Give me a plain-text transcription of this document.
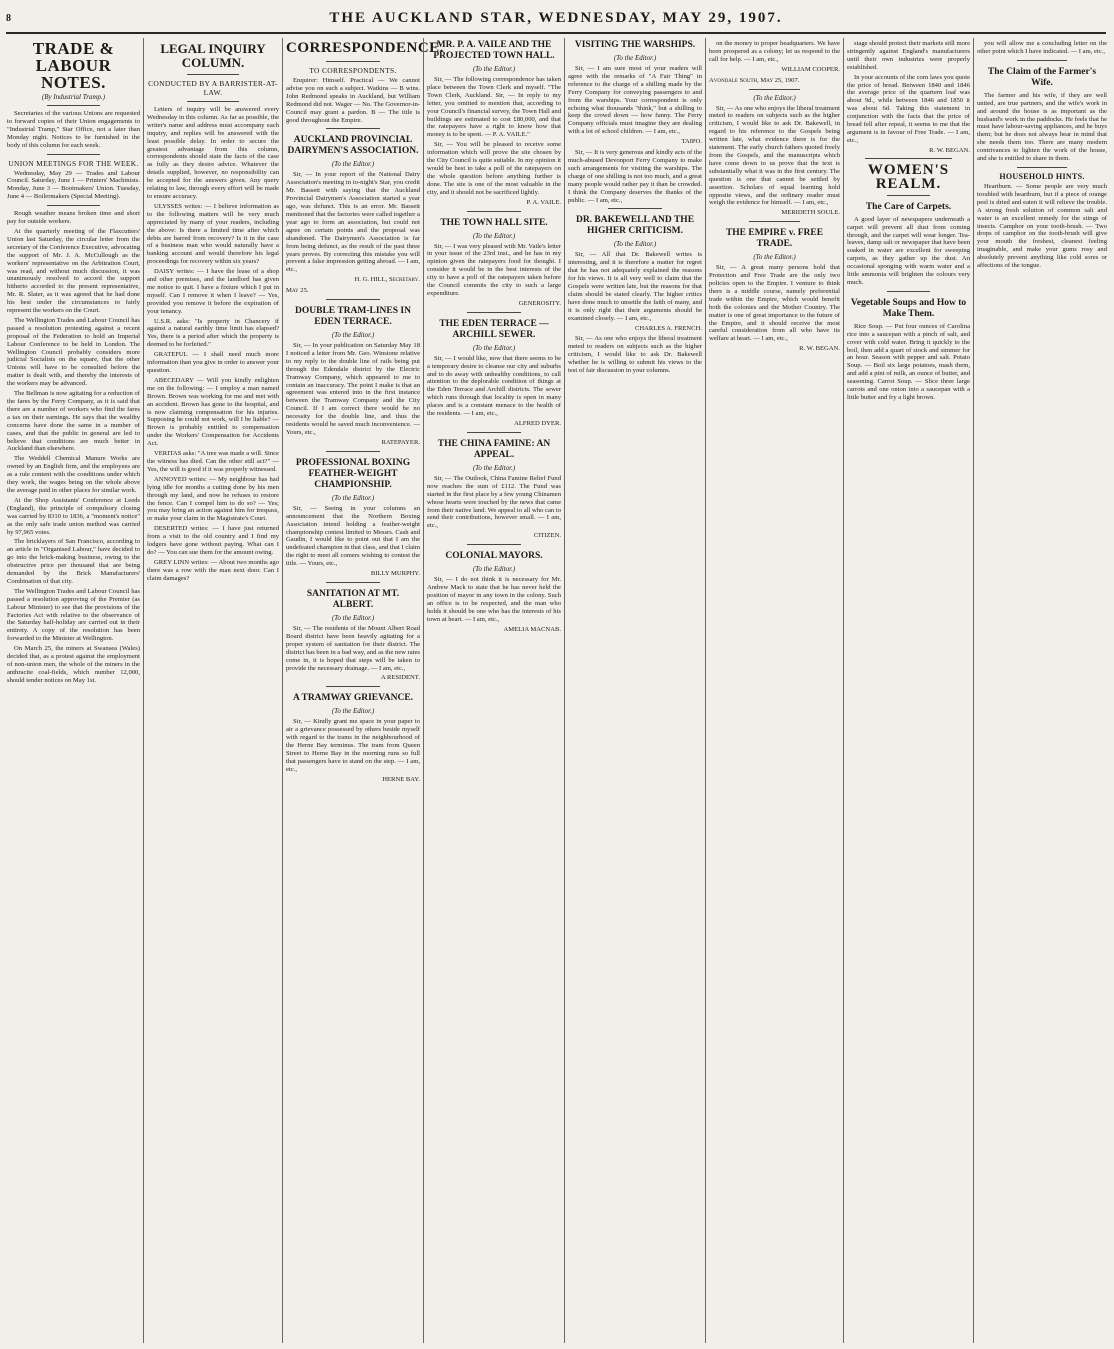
8	THE AUCKLAND STAR, WEDNESDAY, MAY 29, 1907.
TRADE & LABOUR NOTES.
(By Industrial Tramp.)

Secretaries of the various Unions are requested to forward copies of their Union engagements to "Industrial Tramp," Star Office, not a later than Monday night. Notices to be furnished in the body of this column for each week.

UNION MEETINGS FOR THE WEEK.

Wednesday, May 29 — Trades and Labour Council. Saturday, June 1 — Printers' Machinists. Monday, June 3 — Bootmakers' Union. Tuesday, June 4 — Boilermakers (Special Meeting).

Rough weather means broken time and short pay for outside workers.

At the quarterly meeting of the Flaxcutters' Union last Saturday, the circular letter from the secretary of the Conference Executive, advocating the support of Mr. J. A. McCullough as the workers' representative on the Arbitration Court, was read, and without much discussion, it was unanimously resolved to accord the support hitherto accorded to the present representative, Mr. R. Slater, as it was agreed that he had done his best under the circumstances to fairly represent the workers on the Court.

The Wellington Trades and Labour Council has passed a resolution protesting against a recent proposal of the Federation to hold an Imperial Labour Conference to be held in London. The Wellington Council probably considers more judicial Socialists on the square, that the other Unions will have to be consulted before the matter is dealt with, and thereby the interests of the workers may be advanced.

The Bellman is now agitating for a reduction of the fares by the Ferry Company, as it is said that there are a number of workers who find the fares a tax on their earnings. He says that the wealthy concerns have done the same in a number of cases, and that the public in general are led to believe that conditions are much better in Auckland than elsewhere.

The Weddell Chemical Manure Works are owned by an English firm, and the employees are as a rule content with the conditions under which they work, the wages being on the whole above the average paid in other places for similar work.

At the Shop Assistants' Conference at Leeds (England), the principle of compulsory closing was carried by 8310 to 1836, a "moment's notice" as the only safe trade union method was carried by 97,965 votes.

The bricklayers of San Francisco, according to an article in "Organised Labour," have decided to go into the brick-making business, owing to the obstructive price per thousand that are being demanded by the Brick Manufacturers' Combination of that city.

The Wellington Trades and Labour Council has passed a resolution approving of the Premier (as Labour Minister) to see that the provisions of the Factories Act with relative to the observance of the Saturday half-holiday are carried out in their entirety. A copy of the resolution has been forwarded to the Minister at Wellington.

On March 25, the miners at Swansea (Wales) decided that, as a protest against the employment of non-union men, the whole of the miners in the anthracite coal-fields, which number 12,000, should tender notices on May 1st.

LEGAL INQUIRY COLUMN.
CONDUCTED BY A BARRISTER-AT-LAW.

Letters of inquiry will be answered every Wednesday in this column. As far as possible, the writer's name and address must accompany each inquiry, and replies will be answered with the least possible delay. In order to secure the greatest advantage from this column, correspondents should state the facts of the case as fully as they desire advice. Whatever the details supplied, however, no responsibility can be accepted for the answers given. Any query relating to law, through every effort will be made to ensure accuracy.

ULYSSES writes: — I believe information as to the following matters will be very much appreciated by many of your readers, including the above: Is there a limited time after which debts are barred from recovery? Is it in the case of a business man who would naturally have a banking account and would therefore his legal proceedings for recovery within six years?

DAISY writes: — I have the lease of a shop and other premises, and the landlord has given me notice to quit. I have a fixture which I put in myself. Can I remove it when I leave? — Yes, provided you remove it before the expiration of your tenancy.

U.S.R. asks: "Is property in Chancery if against a natural earthly time limit has elapsed? Yes, there is a period after which the property is deemed to be forfeited."

GRATEFUL — I shall need much more information than you give in order to answer your question.

ABECEDARY — Will you kindly enlighten me on the following: — I employ a man named Brown. Brown was working for me and met with an accident. Brown has gone to the hospital, and is now claiming compensation for his injuries. Supposing he could not work, will I be liable? — Brown is probably entitled to compensation under the Workers' Compensation for Accidents Act.

VERITAS asks: "A tree was made a will. Since the witness has died. Can the other still act?" — Yes, the will is good if it was properly witnessed.

ANNOYED writes: — My neighbour has had lying idle for months a cutting done by his men through my land, and now he refuses to restore the fence. Can I compel him to do so? — Yes; you may bring an action against him for trespass, or make your claim in the Magistrate's Court.

DESERTED writes: — I have just returned from a visit to the old country and I find my lodgers have gone without paying. What can I do? — You can sue them for the amount owing.

GREY LINN writes: — About two months ago there was a row with the man next door. Can I claim damages?

CORRESPONDENCE.
TO CORRESPONDENTS.

Enquirer: Himself. Practical — We cannot advise you on such a subject. Watkins — B wins. John Redmond speaks in Auckland, but William Redmond did not. Wager — No. The Governor-in-Council may grant a pardon. B — The title is good throughout the Empire.

AUCKLAND PROVINCIAL DAIRYMEN'S ASSOCIATION.
(To the Editor.)

Sir, — In your report of the National Dairy Association's meeting in to-night's Star, you credit Mr. Bassett with saying that the Auckland Provincial Dairymen's Association started a year ago, was defunct. This is an error. Mr. Bassett mentioned that the factories were called together a year ago to form an association, but could not agree on certain points and the proposal was abandoned. The Dairymen's Association is far from being defunct, as the result of the past three years proves. By correcting this mistake you will prevent a false impression getting abroad. — I am, etc.,

H. G. HILL, Secretary.

May 25.

DOUBLE TRAM-LINES IN EDEN TERRACE.
(To the Editor.)

Sir, — In your publication on Saturday May 18 I noticed a letter from Mr. Geo. Winstone relative to my reply to the double line of rails being put through the Edendale district by the Electric Tramway Company, which appeared to me to contain an inaccuracy. The point I make is that an agreement was entered into in the first instance between the Tramway Company and the City Council. If I am correct there would be no necessity for the double line, and thus the residents would be saved much inconvenience. — Yours, etc.,

RATEPAYER.

PROFESSIONAL BOXING FEATHER-WEIGHT CHAMPIONSHIP.
(To the Editor.)

Sir, — Seeing in your columns an announcement that the Northern Boxing Association intend holding a feather-weight championship contest limited to Messrs. Cash and Gaudin, I would like to point out that I am the undefeated champion in that class, and that I claim the right to meet all comers wishing to contest the title. — Yours, etc.,

BILLY MURPHY.

SANITATION AT MT. ALBERT.
(To the Editor.)

Sir, — The residents of the Mount Albert Road Board district have been heavily agitating for a proper system of sanitation for their district. The district has been in a bad way, and as the new rates come in, it is hoped that steps will be taken to provide the necessary drainage. — I am, etc.,

A RESIDENT.

A TRAMWAY GRIEVANCE.
(To the Editor.)

Sir, — Kindly grant me space in your paper to air a grievance possessed by others beside myself with regard to the trams in the neighbourhood of the Herne Bay terminus. The tram from Queen Street to Herne Bay in the morning runs so full that passengers have to stand on the step. — I am, etc.,

HERNE BAY.

MR. P. A. VAILE AND THE PROJECTED TOWN HALL.
(To the Editor.)

Sir, — The following correspondence has taken place between the Town Clerk and myself. "The Town Clerk, Auckland. Sir, — In reply to my letter, you omitted to mention that, according to your Council's financial survey, the Town Hall and buildings are estimated to cost £80,000, and that the ratepayers have a right to know how that money is to be spent. — P. A. VAILE."

Sir, — You will be pleased to receive some information which will prove the site chosen by the City Council is quite suitable. In my opinion it would be best to take a poll of the ratepayers on the whole question before anything further is done. The site is one of the most valuable in the city, and it should not be sacrificed lightly.

P. A. VAILE.

THE TOWN HALL SITE.
(To the Editor.)

Sir, — I was very pleased with Mr. Vaile's letter in your issue of the 23rd inst., and he has in my opinion given the ratepayers food for thought. I consider it would be in the best interests of the city to have a poll of the ratepayers taken before the Council commits the city to such a large expenditure.

GENEROSITY.

THE EDEN TERRACE — ARCHILL SEWER.
(To the Editor.)

Sir, — I would like, now that there seems to be a temporary desire to cleanse our city and suburbs and to do away with unhealthy conditions, to call attention to the deplorable condition of things at the Eden Terrace and Archill districts. The sewer which runs through that locality is open in many places and is a constant menace to the health of the residents. — I am, etc.,

ALFRED DYER.

THE CHINA FAMINE: AN APPEAL.
(To the Editor.)

Sir, — The Outlook, China Famine Relief Fund now reaches the sum of £112. The Fund was started in the first place by a few young Chinamen whose hearts were touched by the news that came from their native land. We appeal to all who can to send their contributions, however small. — I am, etc.,

CITIZEN.

COLONIAL MAYORS.
(To the Editor.)

Sir, — I do not think it is necessary for Mr. Andrew Mack to state that he has never held the position of mayor in any town in the colony. Such an office is to be respected, and the man who holds it should be one who has the interests of his town at heart. — I am, etc.,

AMELIA MACNAB.

VISITING THE WARSHIPS.
(To the Editor.)

Sir, — I am sure most of your readers will agree with the remarks of "A Fair Thing" in reference to the charge of a shilling made by the Ferry Company for conveying passengers to and from the warships. Your correspondent is only echoing what thousands "think," but a shilling to keep the crowd down — how funny. The Ferry Company officials must imagine they are dealing with a lot of school children. — I am, etc.,

TAIPO.

Sir, — It is very generous and kindly acts of the much-abused Devonport Ferry Company to make such arrangements for visiting the warships. The charge of one shilling is not too much, and a great many people would rather pay it than be crowded. I think the Company deserves the thanks of the public. — I am, etc.,

DR. BAKEWELL AND THE HIGHER CRITICISM.
(To the Editor.)

Sir, — All that Dr. Bakewell writes is interesting, and it is therefore a matter for regret that he has not adequately explained the reasons for his views. It is all very well to claim that the Gospels were written late, but the reasons for that claim should be stated clearly. The higher critics have done much to unsettle the faith of many, and it is only right that their arguments should be examined closely. — I am, etc.,

CHARLES A. FRENCH.

Sir, — As one who enjoys the liberal treatment meted to readers on subjects such as the higher criticism, I would like to ask Dr. Bakewell whether he is willing to submit his views to the test of fair discussion in your columns.

on the money to proper headquarters. We have been prospered as a colony; let us respond to the call for help. — I am, etc.,

WILLIAM COOPER.

Avondale South, May 25, 1907.

(To the Editor.)

Sir, — As one who enjoys the liberal treatment meted to readers on subjects such as the higher criticism, I would like to ask Dr. Bakewell, in regard to his reference to the Gospels being written late, what evidence there is for the statement. The early church fathers quoted freely from the Gospels, and the manuscripts which have come down to us prove that the text is substantially what it was in the first century. The question is one that cannot be settled by assertion. Scholars of equal learning hold opposite views, and the ordinary reader must weigh the evidence for himself. — I am, etc.,

MERIDETH SOULE.

THE EMPIRE v. FREE TRADE.
(To the Editor.)

Sir, — A great many persons hold that Protection and Free Trade are the only two policies open to the Empire. I venture to think there is a middle course, namely preferential trade within the Empire, which would benefit both the colonies and the Mother Country. The matter is one of great importance to the future of the Empire, and it should receive the most careful consideration from all who have its welfare at heart. — I am, etc.,

R. W. BEGAN.

stage should protect their markets still more stringently against England's manufacturers until their own industries were properly established.

In your accounts of the corn laws you quote the price of bread. Between 1840 and 1846 the average price of the quartern loaf was about 9d., while between 1846 and 1850 it was about 6d. Taking this statement in conjunction with the facts that the price of bread fell after repeal, it seems to me that the argument is in favour of Free Trade. — I am, etc.,

R. W. BEGAN.

WOMEN'S REALM.
The Care of Carpets.

A good layer of newspapers underneath a carpet will prevent all dust from coming through, and the carpet will wear longer. Tea-leaves, damp salt or newspaper that have been soaked in water are excellent for sweeping carpets, as they gather up the dust. An occasional sponging with warm water and a little ammonia will brighten the colours very much.

Vegetable Soups and How to Make Them.

Rice Soup. — Put four ounces of Carolina rice into a saucepan with a pinch of salt, and cover with cold water. Bring it quickly to the boil, then add a quart of stock and simmer for an hour. Season with pepper and salt. Potato Soup. — Boil six large potatoes, mash them, and add a pint of milk, an ounce of butter, and seasoning. Carrot Soup. — Slice three large carrots and one onion into a saucepan with a little butter and fry a light brown.

you will allow me a concluding letter on the other point which I have indicated. — I am, etc.,

The Claim of the Farmer's Wife.

The farmer and his wife, if they are well united, are true partners, and the wife's work in and around the house is as important as the husband's work in the paddocks. He feels that he must have labour-saving appliances, and he buys them; but he does not always bear in mind that she needs them too. There are many modern contrivances to lighten the work of the house, and she is entitled to share in them.

HOUSEHOLD HINTS.

Heartburn. — Some people are very much troubled with heartburn, but if a piece of orange peel is dried and eaten it will relieve the trouble. A strong fresh solution of common salt and water is an excellent remedy for the stings of insects. Camphor on your tooth-brush. — Two drops of camphor on the tooth-brush will give your mouth the freshest, cleanest feeling imaginable, and make your gums rosy and absolutely prevent anything like cold sores or affections of the tongue.
